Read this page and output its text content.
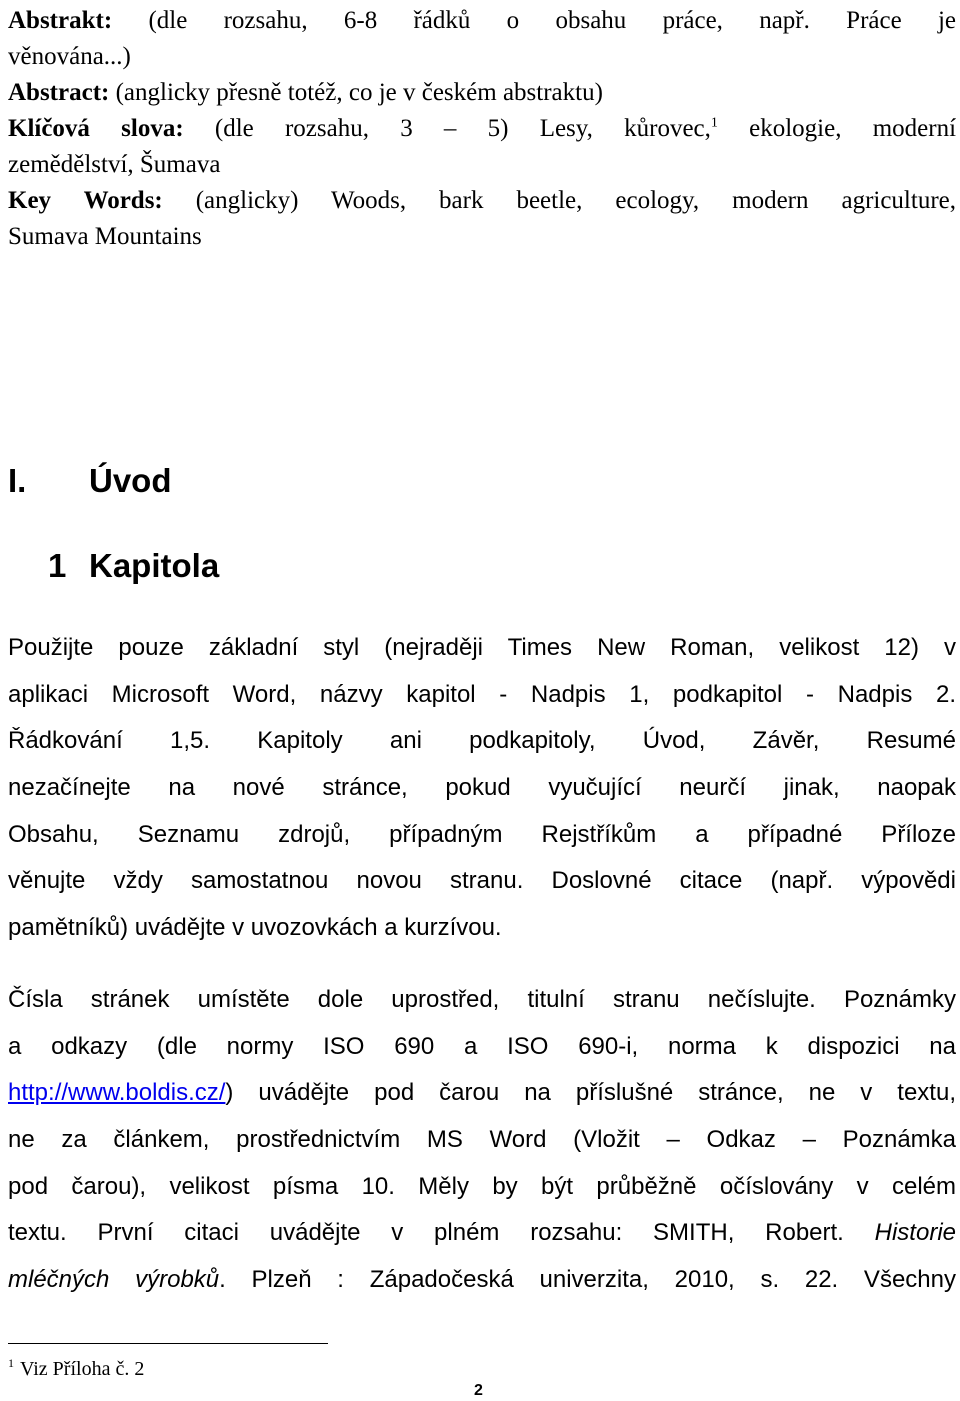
Abstrakt: (dle rozsahu, 6-8 řádků o obsahu práce, např. Práce je
věnována...)
Abstract: (anglicky přesně totéž, co je v českém abstraktu)
Klíčová slova: (dle rozsahu, 3 – 5) Lesy, kůrovec,$^1$ ekologie, moderní
zemědělství, Šumava
Key Words: (anglicky) Woods, bark beetle, ecology, modern agriculture,
Sumava Mountains
I. Úvod
1 Kapitola
Použijte pouze základní styl (nejraději Times New Roman, velikost 12) v
aplikaci Microsoft Word, názvy kapitol - Nadpis 1, podkapitol - Nadpis 2.
Řádkování 1,5. Kapitoly ani podkapitoly, Úvod, Závěr, Resumé
nezačínejte na nové stránce, pokud vyučující neurčí jinak, naopak
Obsahu, Seznamu zdrojů, případným Rejstříkům a případné Příloze
věnujte vždy samostatnou novou stranu. Doslovné citace (např. výpovědi
pamětníků) uvádějte v uvozovkách a kurzívou.
Čísla stránek umístěte dole uprostřed, titulní stranu nečíslujte. Poznámky
a odkazy (dle normy ISO 690 a ISO 690-i, norma k dispozici na
http://www.boldis.cz/) uvádějte pod čarou na příslušné stránce, ne v textu,
ne za článkem, prostřednictvím MS Word (Vložit – Odkaz – Poznámka
pod čarou), velikost písma 10. Měly by být průběžně očíslovány v celém
textu. První citaci uvádějte v plném rozsahu: SMITH, Robert. Historie
mléčných výrobků. Plzeň : Západočeská univerzita, 2010, s. 22. Všechny
$^1$ Viz Příloha č. 2
2
